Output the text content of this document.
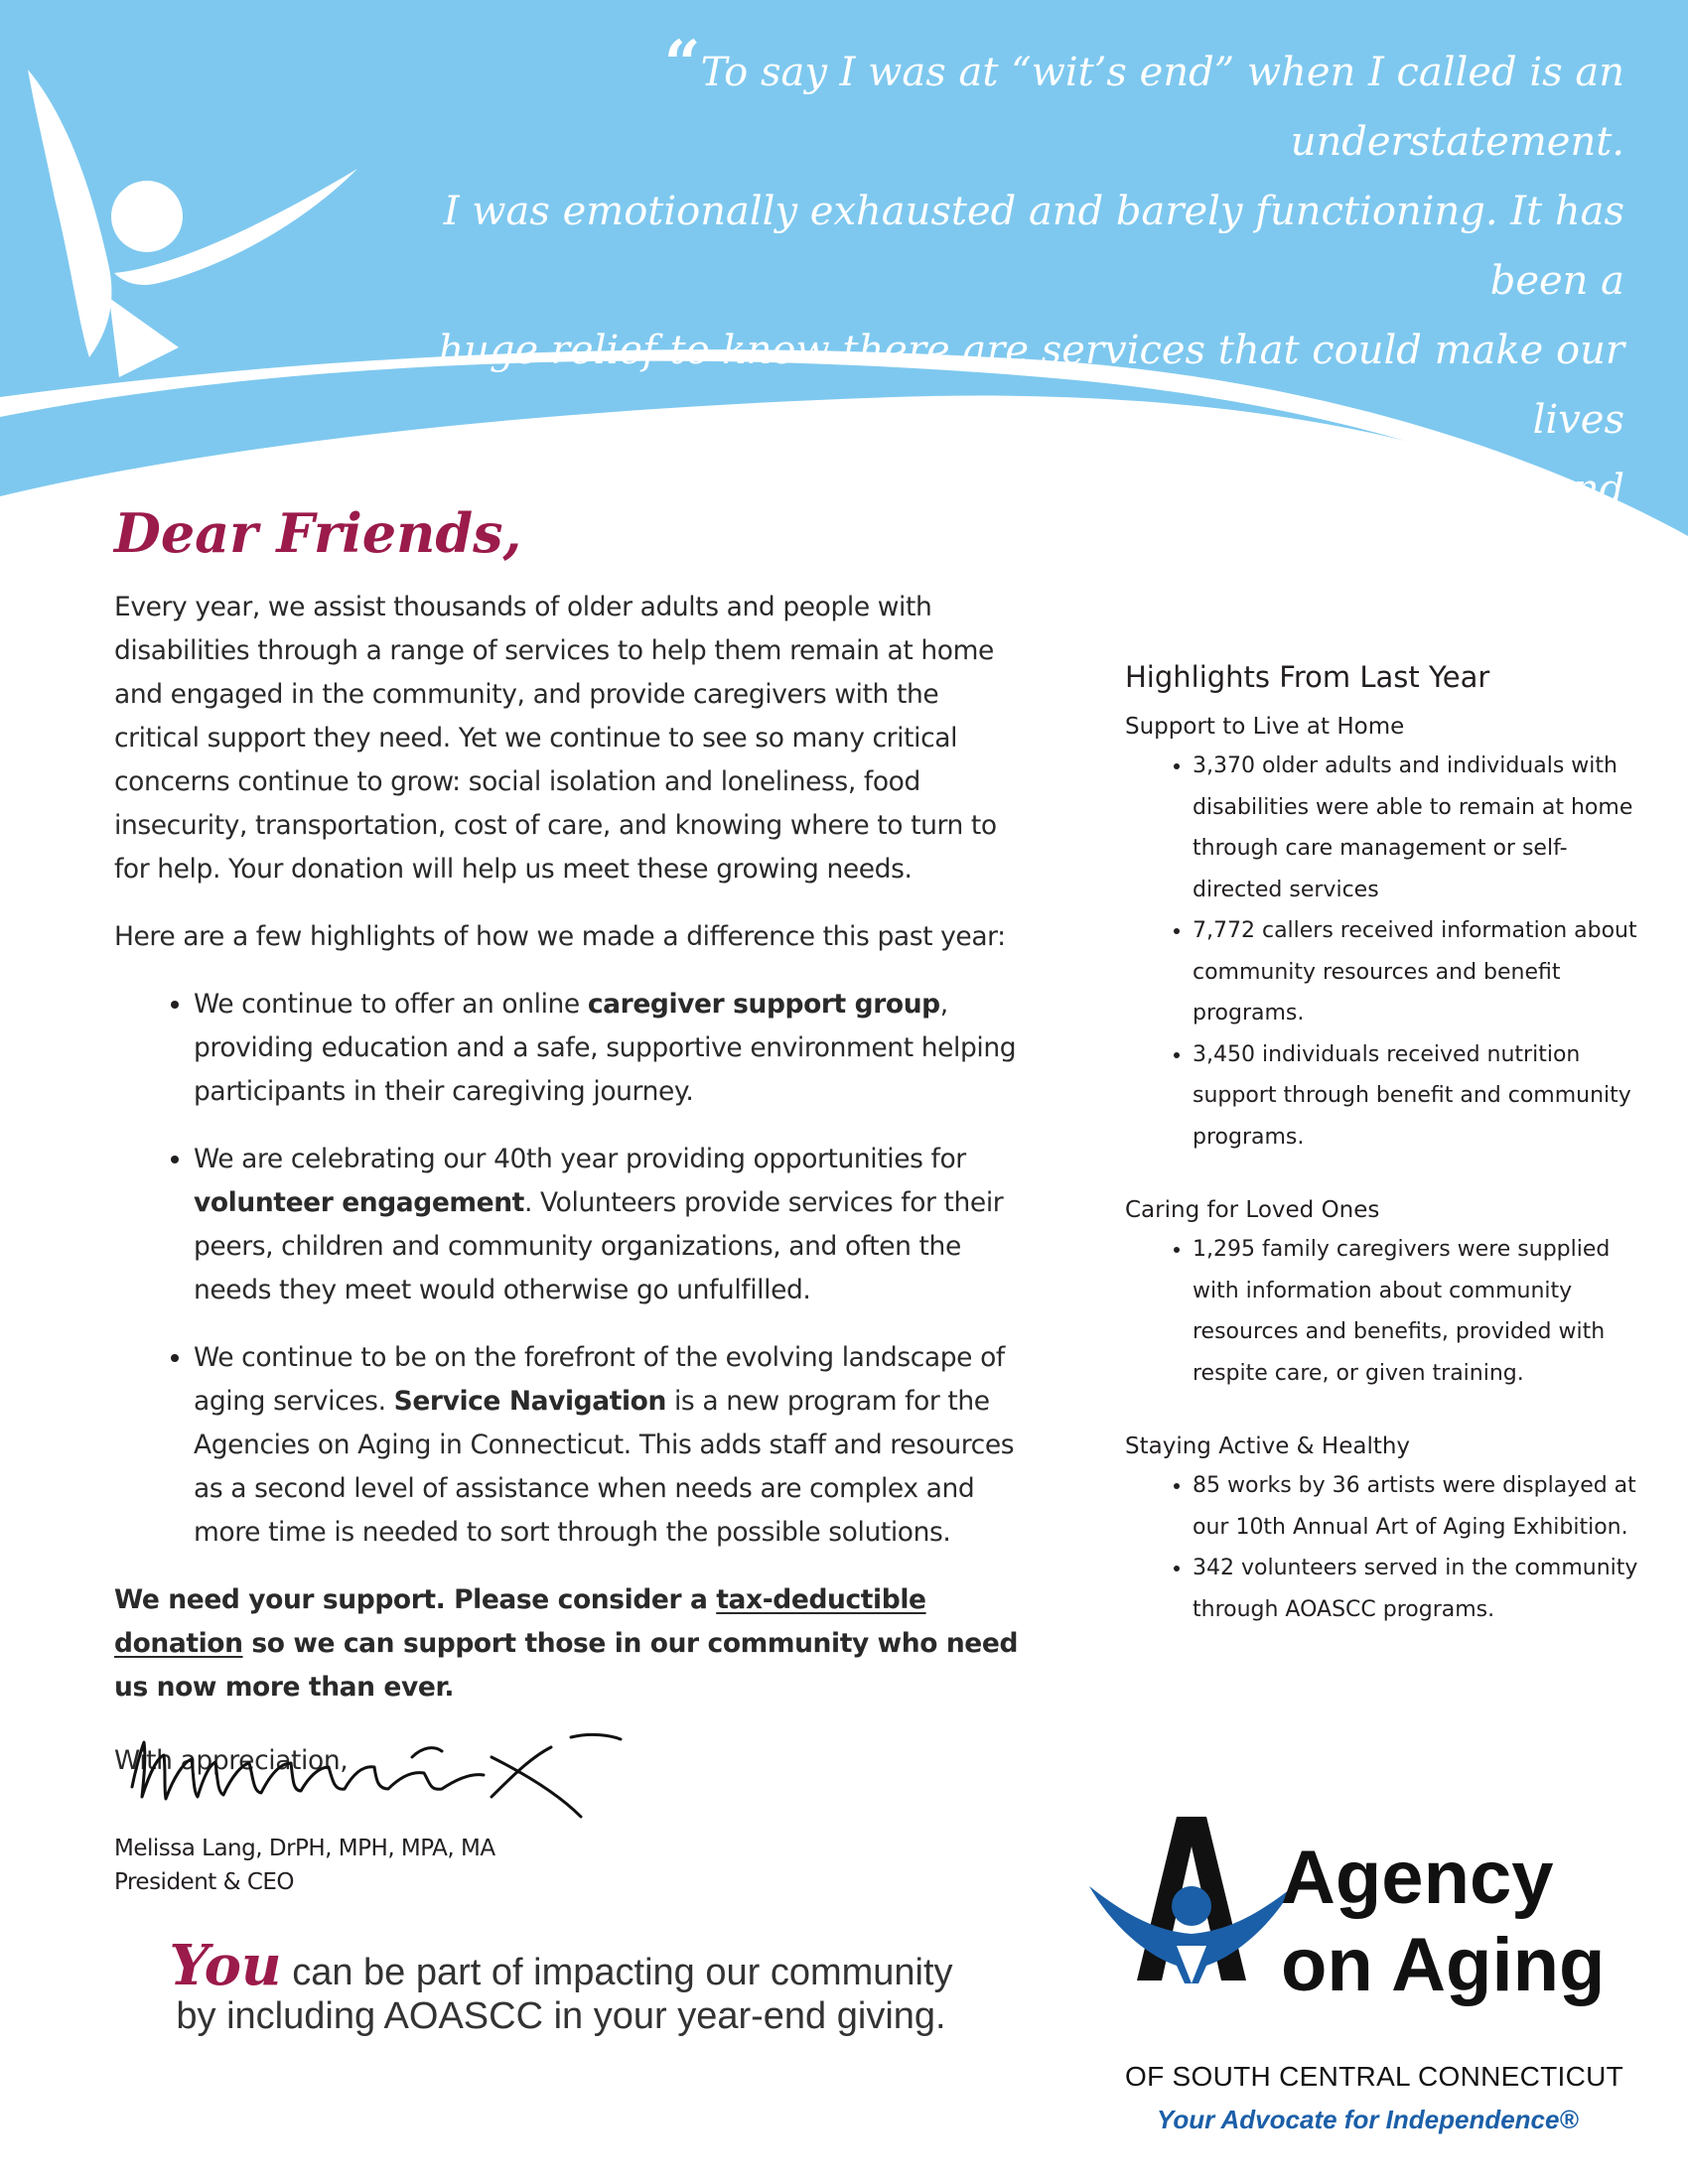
“To say I was at “wit’s end” when I called is an understatement.
I was emotionally exhausted and barely functioning. It has been a
huge relief to know there are services that could make our lives
much less stressful. I am beginning to regain my sanity and
peace of mind myself, thanks to
everyone at AOASCC. ”
Dear Friends,

Every year, we assist thousands of older adults and people with disabilities through a range of services to help them remain at home and engaged in the community, and provide caregivers with the critical support they need. Yet we continue to see so many critical concerns continue to grow: social isolation and loneliness, food insecurity, transportation, cost of care, and knowing where to turn to for help. Your donation will help us meet these growing needs.

Here are a few highlights of how we made a difference this past year:

• We continue to offer an online caregiver support group, providing education and a safe, supportive environment helping participants in their caregiving journey.
• We are celebrating our 40th year providing opportunities for volunteer engagement. Volunteers provide services for their peers, children and community organizations, and often the needs they meet would otherwise go unfulfilled.
• We continue to be on the forefront of the evolving landscape of aging services. Service Navigation is a new program for the Agencies on Aging in Connecticut. This adds staff and resources as a second level of assistance when needs are complex and more time is needed to sort through the possible solutions.

We need your support. Please consider a tax-deductible donation so we can support those in our community who need us now more than ever.

With appreciation,

Melissa Lang, DrPH, MPH, MPA, MA
President & CEO
You can be part of impacting our community
by including AOASCC in your year-end giving.
Highlights From Last Year
Support to Live at Home
• 3,370 older adults and individuals with disabilities were able to remain at home through care management or self-directed services
• 7,772 callers received information about community resources and benefit programs.
• 3,450 individuals received nutrition support through benefit and community programs.
Caring for Loved Ones
• 1,295 family caregivers were supplied with information about community resources and benefits, provided with respite care, or given training.
Staying Active & Healthy
• 85 works by 36 artists were displayed at our 10th Annual Art of Aging Exhibition.
• 342 volunteers served in the community through AOASCC programs.
Agency
on Aging

OF SOUTH CENTRAL CONNECTICUT

Your Advocate for Independence®
